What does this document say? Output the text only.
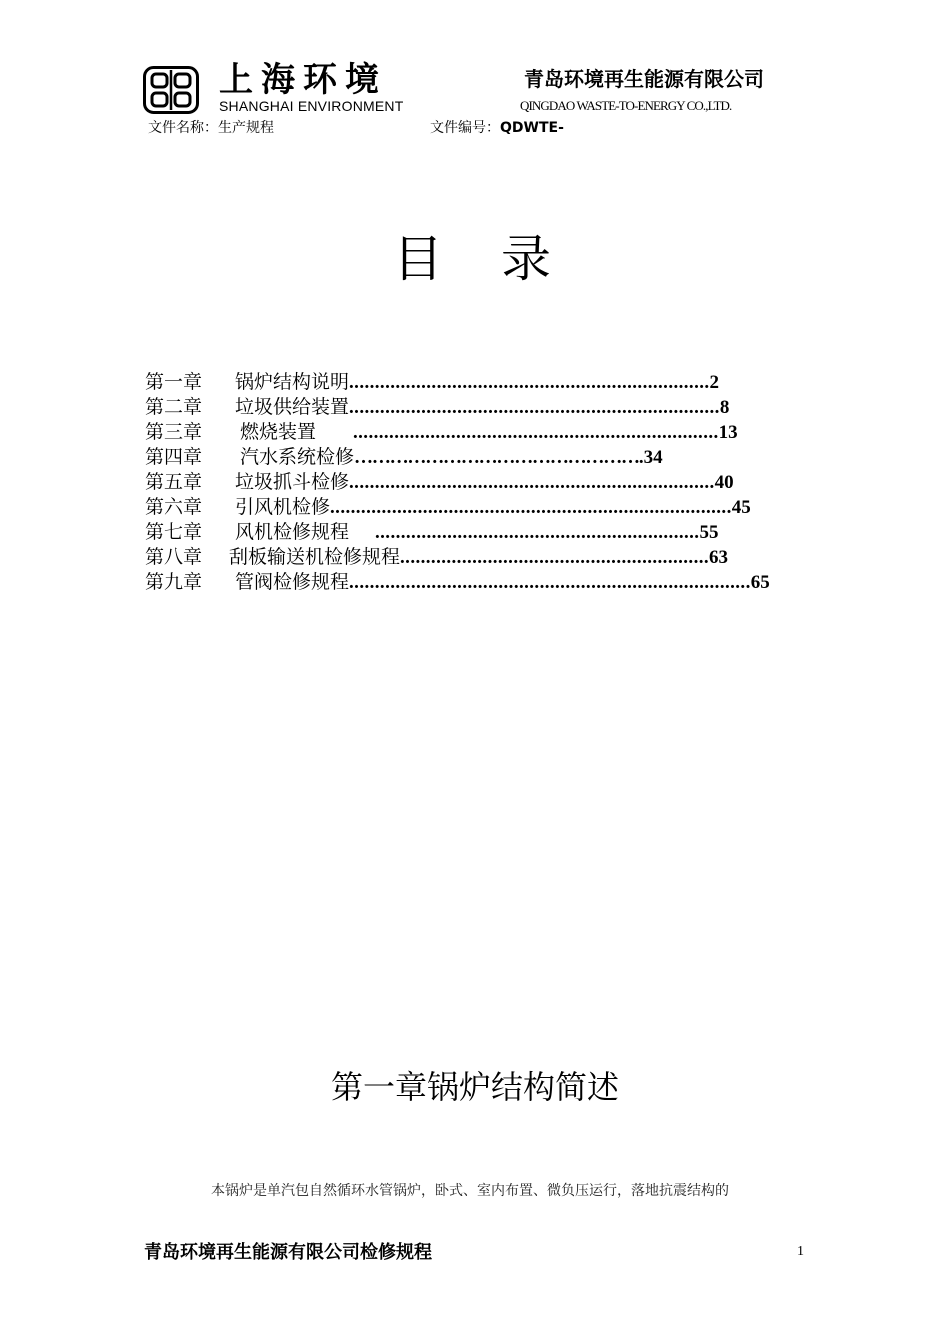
上海环境
SHANGHAI ENVIRONMENT
青岛环境再生能源有限公司
QINGDAO WASTE-TO-ENERGY CO.,LTD.
文件名称：生产规程	文件编号：QDWTE-
目录
第一章 锅炉结构说明......................................................................2
第二章 垃圾供给装置........................................................................8
第三章 燃烧装置 .......................................................................13
第四章 汽水系统检修………………………………………….34
第五章 垃圾抓斗检修.......................................................................40
第六章 引风机检修..............................................................................45
第七章 风机检修规程 ...............................................................55
第八章 刮板输送机检修规程............................................................63
第九章 管阀检修规程..............................................................................65
第一章锅炉结构简述
本锅炉是单汽包自然循环水管锅炉，卧式、室内布置、微负压运行，落地抗震结构的
青岛环境再生能源有限公司检修规程	1
